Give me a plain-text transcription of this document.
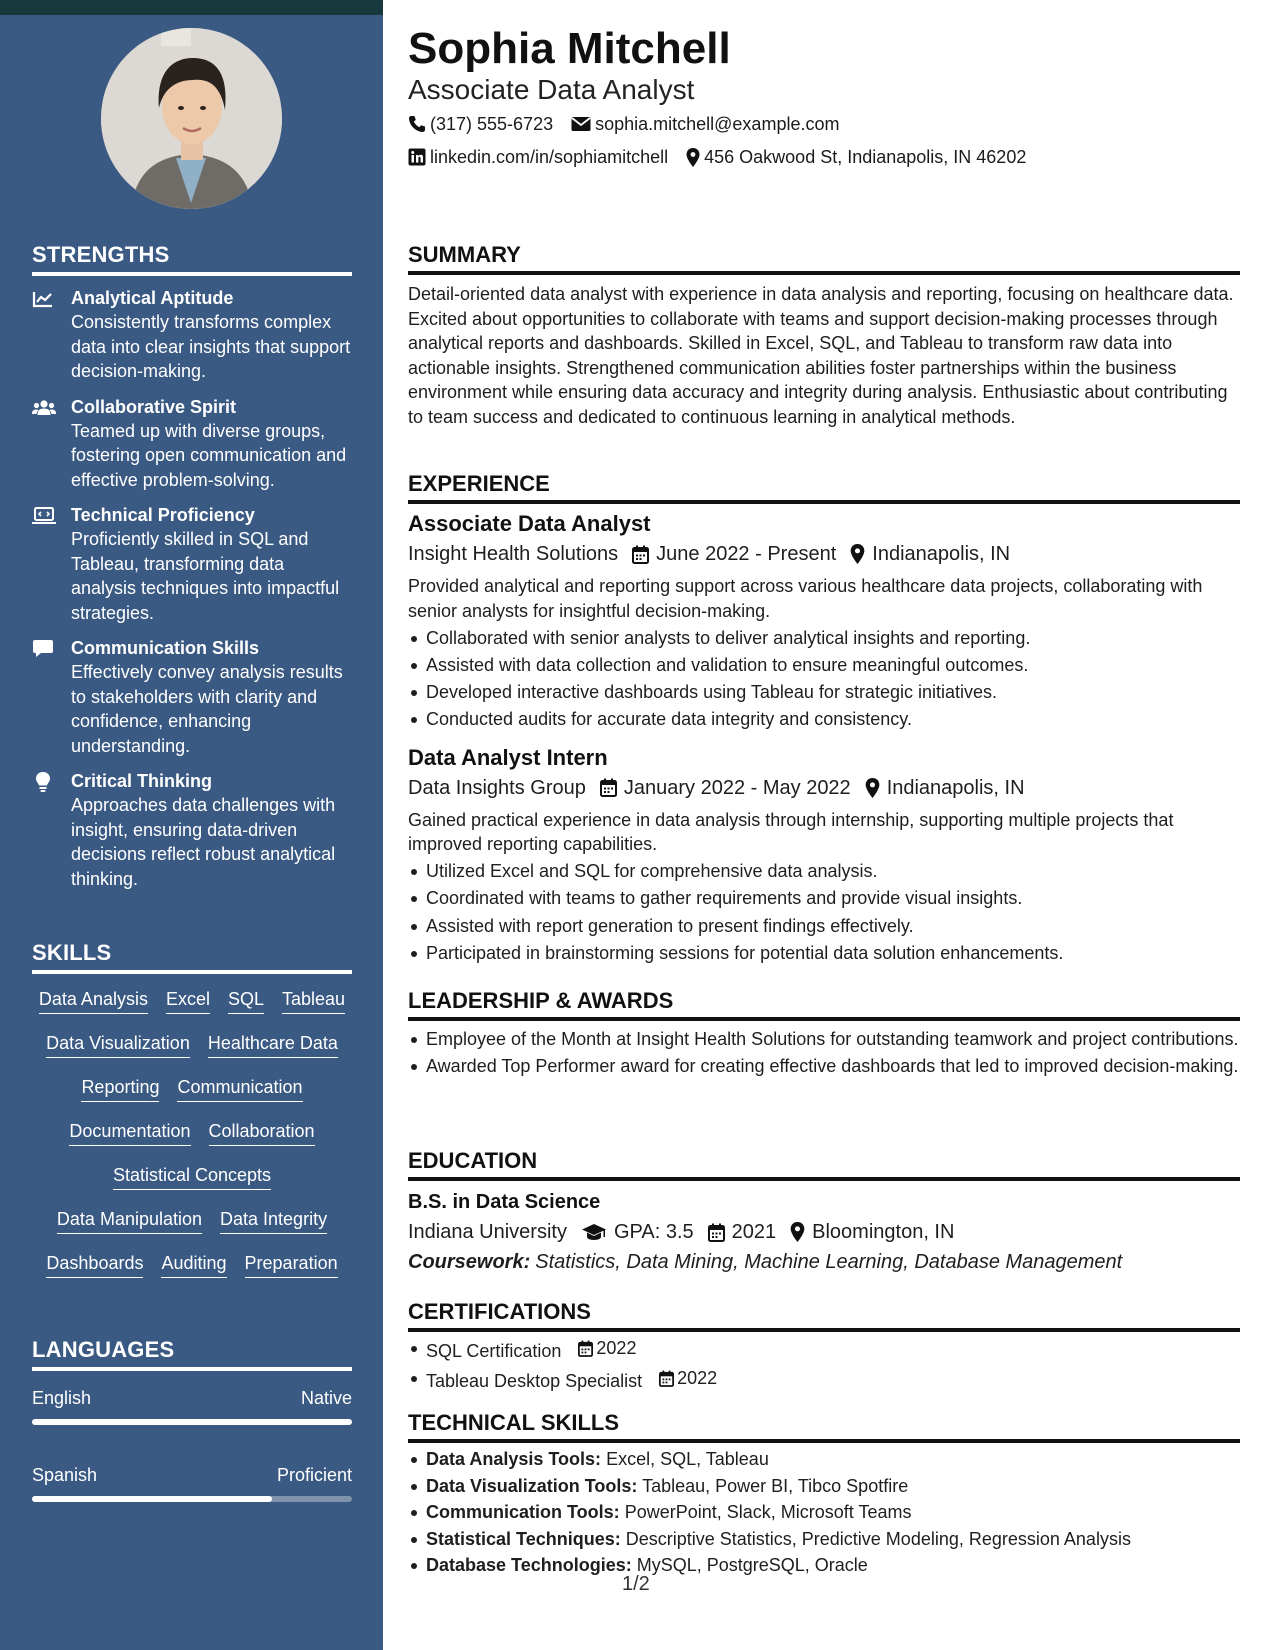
STRENGTHS
Analytical Aptitude
Consistently transforms complex data into clear insights that support decision-making.
Collaborative Spirit
Teamed up with diverse groups, fostering open communication and effective problem-solving.
Technical Proficiency
Proficiently skilled in SQL and Tableau, transforming data analysis techniques into impactful strategies.
Communication Skills
Effectively convey analysis results to stakeholders with clarity and confidence, enhancing understanding.
Critical Thinking
Approaches data challenges with insight, ensuring data-driven decisions reflect robust analytical thinking.
SKILLS
Data Analysis Excel SQL Tableau
Data Visualization Healthcare Data
Reporting Communication
Documentation Collaboration
Statistical Concepts
Data Manipulation Data Integrity
Dashboards Auditing Preparation
LANGUAGES
English	Native
Spanish	Proficient
Sophia Mitchell
Associate Data Analyst
(317) 555-6723 sophia.mitchell@example.com
linkedin.com/in/sophiamitchell 456 Oakwood St, Indianapolis, IN 46202
SUMMARY
Detail-oriented data analyst with experience in data analysis and reporting, focusing on healthcare data. Excited about opportunities to collaborate with teams and support decision-making processes through analytical reports and dashboards. Skilled in Excel, SQL, and Tableau to transform raw data into actionable insights. Strengthened communication abilities foster partnerships within the business environment while ensuring data accuracy and integrity during analysis. Enthusiastic about contributing to team success and dedicated to continuous learning in analytical methods.
EXPERIENCE
Associate Data Analyst
Insight Health Solutions June 2022 - Present Indianapolis, IN
Provided analytical and reporting support across various healthcare data projects, collaborating with senior analysts for insightful decision-making.
Collaborated with senior analysts to deliver analytical insights and reporting.
Assisted with data collection and validation to ensure meaningful outcomes.
Developed interactive dashboards using Tableau for strategic initiatives.
Conducted audits for accurate data integrity and consistency.
Data Analyst Intern
Data Insights Group January 2022 - May 2022 Indianapolis, IN
Gained practical experience in data analysis through internship, supporting multiple projects that improved reporting capabilities.
Utilized Excel and SQL for comprehensive data analysis.
Coordinated with teams to gather requirements and provide visual insights.
Assisted with report generation to present findings effectively.
Participated in brainstorming sessions for potential data solution enhancements.
LEADERSHIP & AWARDS
Employee of the Month at Insight Health Solutions for outstanding teamwork and project contributions.
Awarded Top Performer award for creating effective dashboards that led to improved decision-making.
EDUCATION
B.S. in Data Science
Indiana University GPA: 3.5 2021 Bloomington, IN
Coursework: Statistics, Data Mining, Machine Learning, Database Management
CERTIFICATIONS
SQL Certification 2022
Tableau Desktop Specialist 2022
TECHNICAL SKILLS
Data Analysis Tools: Excel, SQL, Tableau
Data Visualization Tools: Tableau, Power BI, Tibco Spotfire
Communication Tools: PowerPoint, Slack, Microsoft Teams
Statistical Techniques: Descriptive Statistics, Predictive Modeling, Regression Analysis
Database Technologies: MySQL, PostgreSQL, Oracle
1/2
